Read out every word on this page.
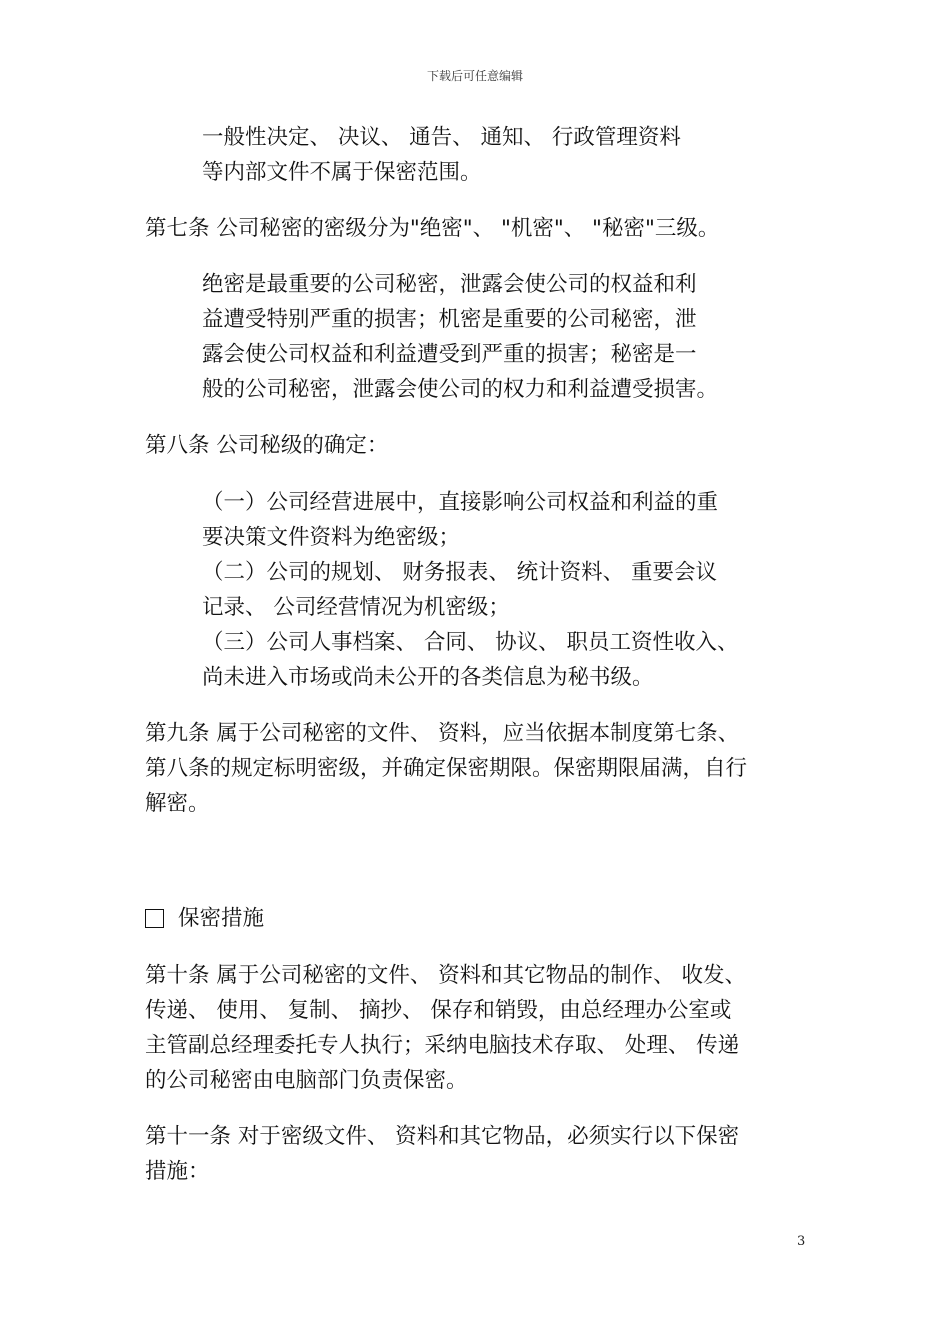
下载后可任意编辑
一般性决定、 决议、 通告、 通知、 行政管理资料
等内部文件不属于保密范围。
第七条 公司秘密的密级分为"绝密"、 "机密"、 "秘密"三级。
绝密是最重要的公司秘密，泄露会使公司的权益和利
益遭受特别严重的损害；机密是重要的公司秘密，泄
露会使公司权益和利益遭受到严重的损害；秘密是一
般的公司秘密，泄露会使公司的权力和利益遭受损害。
第八条 公司秘级的确定：
（一）公司经营进展中，直接影响公司权益和利益的重
要决策文件资料为绝密级；
（二）公司的规划、 财务报表、 统计资料、 重要会议
记录、 公司经营情况为机密级；
（三）公司人事档案、 合同、 协议、 职员工资性收入、
尚未进入市场或尚未公开的各类信息为秘书级。
第九条 属于公司秘密的文件、 资料，应当依据本制度第七条、
第八条的规定标明密级，并确定保密期限。保密期限届满，自行
解密。
保密措施
第十条 属于公司秘密的文件、 资料和其它物品的制作、 收发、
传递、 使用、 复制、 摘抄、 保存和销毁，由总经理办公室或
主管副总经理委托专人执行；采纳电脑技术存取、 处理、 传递
的公司秘密由电脑部门负责保密。
第十一条 对于密级文件、 资料和其它物品，必须实行以下保密
措施：
3
